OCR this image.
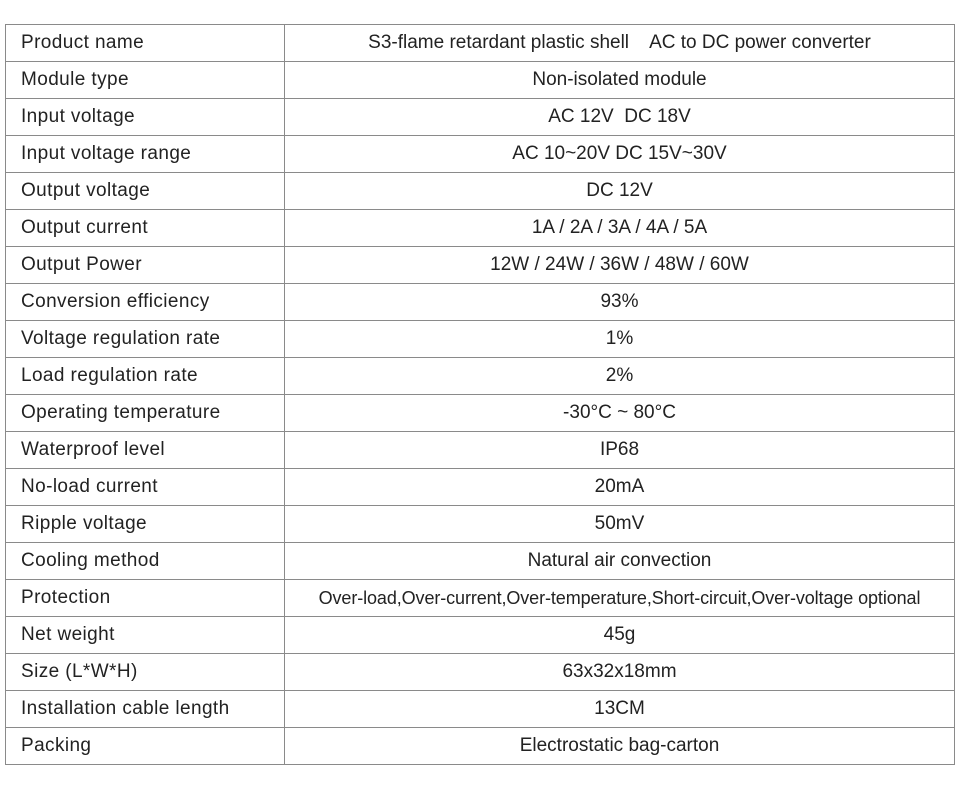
Product name	S3-flame retardant plastic shell    AC to DC power converter
Module type	Non-isolated module
Input voltage	AC 12V  DC 18V
Input voltage range	AC 10~20V DC 15V~30V
Output voltage	DC 12V
Output current	1A / 2A / 3A / 4A / 5A
Output Power	12W / 24W / 36W / 48W / 60W
Conversion efficiency	93%
Voltage regulation rate	1%
Load regulation rate	2%
Operating temperature	-30°C ~ 80°C
Waterproof level	IP68
No-load current	20mA
Ripple voltage	50mV
Cooling method	Natural air convection
Protection	Over-load,Over-current,Over-temperature,Short-circuit,Over-voltage optional
Net weight	45g
Size (L*W*H)	63x32x18mm
Installation cable length	13CM
Packing	Electrostatic bag-carton
